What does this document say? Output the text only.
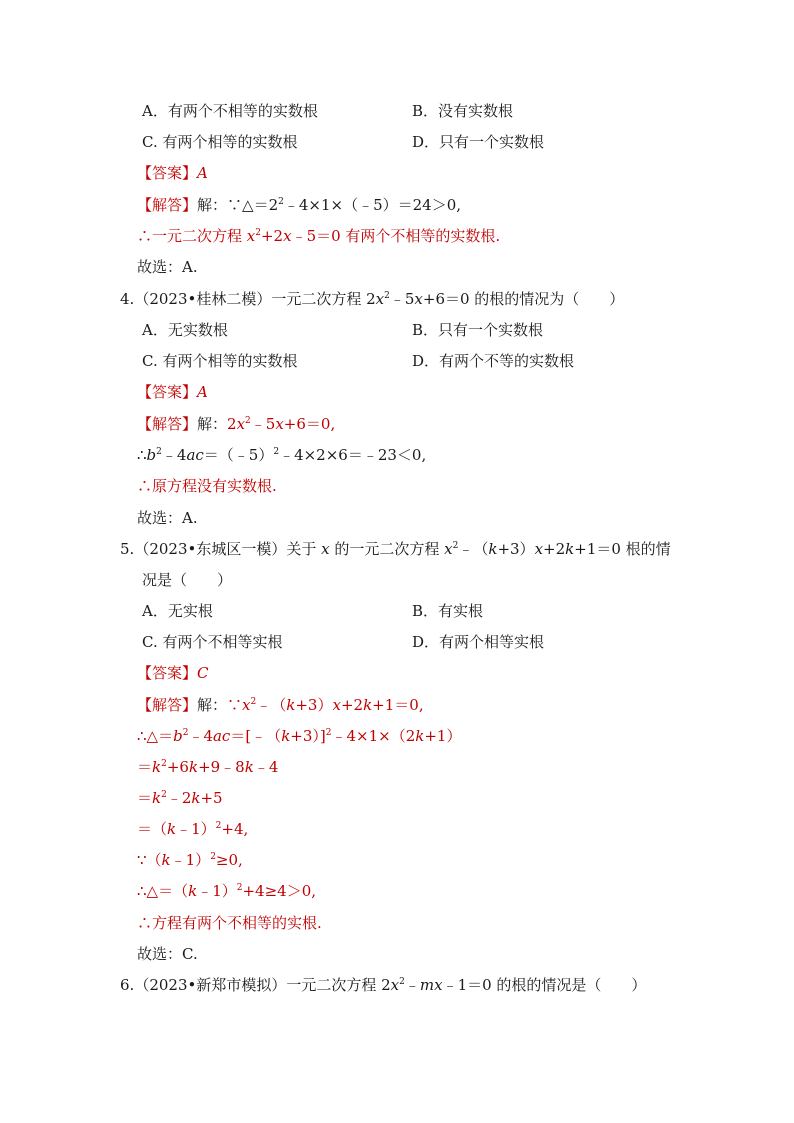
A．有两个不相等的实数根	B．没有实数根
C. 有两个相等的实数根	D．只有一个实数根
【答案】A
【解答】解：$\because\triangle=2^2﹣4\times 1\times(﹣5)=24>0$,
∴一元二次方程 $x^2+2x﹣5=0$ 有两个不相等的实数根.
故选：A.
4.（2023•桂林二模）一元二次方程 $2x^2﹣5x+6=0$ 的根的情况为（　　）
A．无实数根	B．只有一个实数根
C. 有两个相等的实数根	D．有两个不等的实数根
【答案】A
【解答】解：$2x^2﹣5x+6=0$,
$\therefore b^2﹣4ac=(﹣5)^2﹣4\times 2\times 6=﹣23<0$,
∴原方程没有实数根.
故选：A.
5.（2023•东城区一模）关于 x 的一元二次方程 $x^2﹣(k+3)x+2k+1=0$ 根的情
况是（　　）
A．无实根	B．有实根
C. 有两个不相等实根	D．有两个相等实根
【答案】C
【解答】解：$\because x^2﹣(k+3)x+2k+1=0$,
$\therefore\triangle=b^2﹣4ac=[﹣(k+3)]^2﹣4\times 1\times(2k+1)$
$=k^2+6k+9﹣8k﹣4$
$=k^2﹣2k+5$
＝（k﹣1）$^2$+4,
∵（k﹣1）$^2$≥0,
∴△＝（k﹣1）$^2$+4≥4＞0,
∴方程有两个不相等的实根.
故选：C.
6.（2023•新郑市模拟）一元二次方程 $2x^2﹣mx﹣1=0$ 的根的情况是（　　）
